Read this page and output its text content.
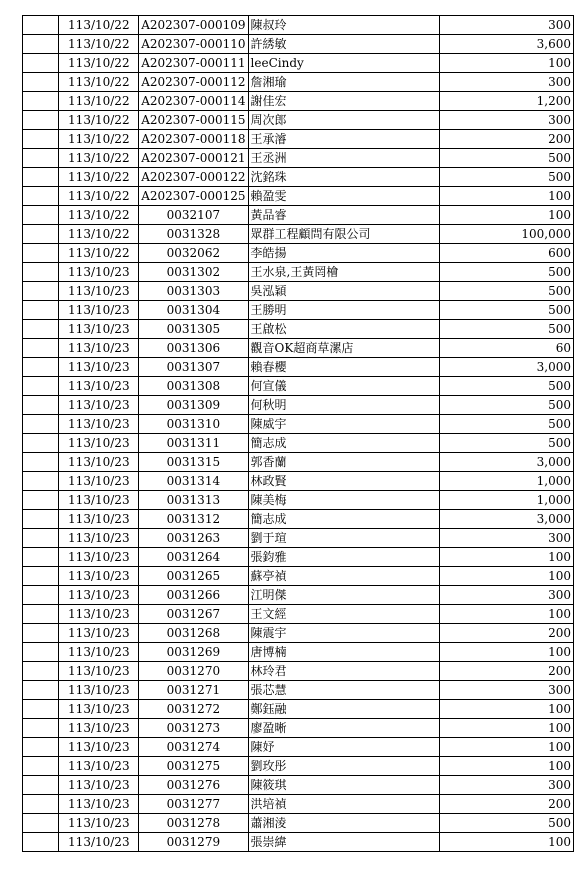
	113/10/22	A202307-000109	陳叔玲	300
	113/10/22	A202307-000110	許綉敏	3,600
	113/10/22	A202307-000111	leeCindy	100
	113/10/22	A202307-000112	詹湘瑜	300
	113/10/22	A202307-000114	謝佳宏	1,200
	113/10/22	A202307-000115	周次郎	300
	113/10/22	A202307-000118	王承濬	200
	113/10/22	A202307-000121	王丞洲	500
	113/10/22	A202307-000122	沈銘珠	500
	113/10/22	A202307-000125	賴盈雯	100
	113/10/22	0032107	黃品睿	100
	113/10/22	0031328	眾群工程顧問有限公司	100,000
	113/10/22	0032062	李皓揚	600
	113/10/23	0031302	王水泉,王黃罔檜	500
	113/10/23	0031303	吳泓穎	500
	113/10/23	0031304	王勝明	500
	113/10/23	0031305	王啟松	500
	113/10/23	0031306	觀音OK超商草漯店	60
	113/10/23	0031307	賴春櫻	3,000
	113/10/23	0031308	何宣儀	500
	113/10/23	0031309	何秋明	500
	113/10/23	0031310	陳威宇	500
	113/10/23	0031311	簡志成	500
	113/10/23	0031315	郭香蘭	3,000
	113/10/23	0031314	林政賢	1,000
	113/10/23	0031313	陳美梅	1,000
	113/10/23	0031312	簡志成	3,000
	113/10/23	0031263	劉于瑄	300
	113/10/23	0031264	張鈞雅	100
	113/10/23	0031265	蘇亭禎	100
	113/10/23	0031266	江明傑	300
	113/10/23	0031267	王文經	100
	113/10/23	0031268	陳震宇	200
	113/10/23	0031269	唐博楠	100
	113/10/23	0031270	林玲君	200
	113/10/23	0031271	張芯慧	300
	113/10/23	0031272	鄭鈺融	100
	113/10/23	0031273	廖盈晰	100
	113/10/23	0031274	陳妤	100
	113/10/23	0031275	劉玫彤	100
	113/10/23	0031276	陳筱琪	300
	113/10/23	0031277	洪培禎	200
	113/10/23	0031278	蕭湘淩	500
	113/10/23	0031279	張崇緯	100
